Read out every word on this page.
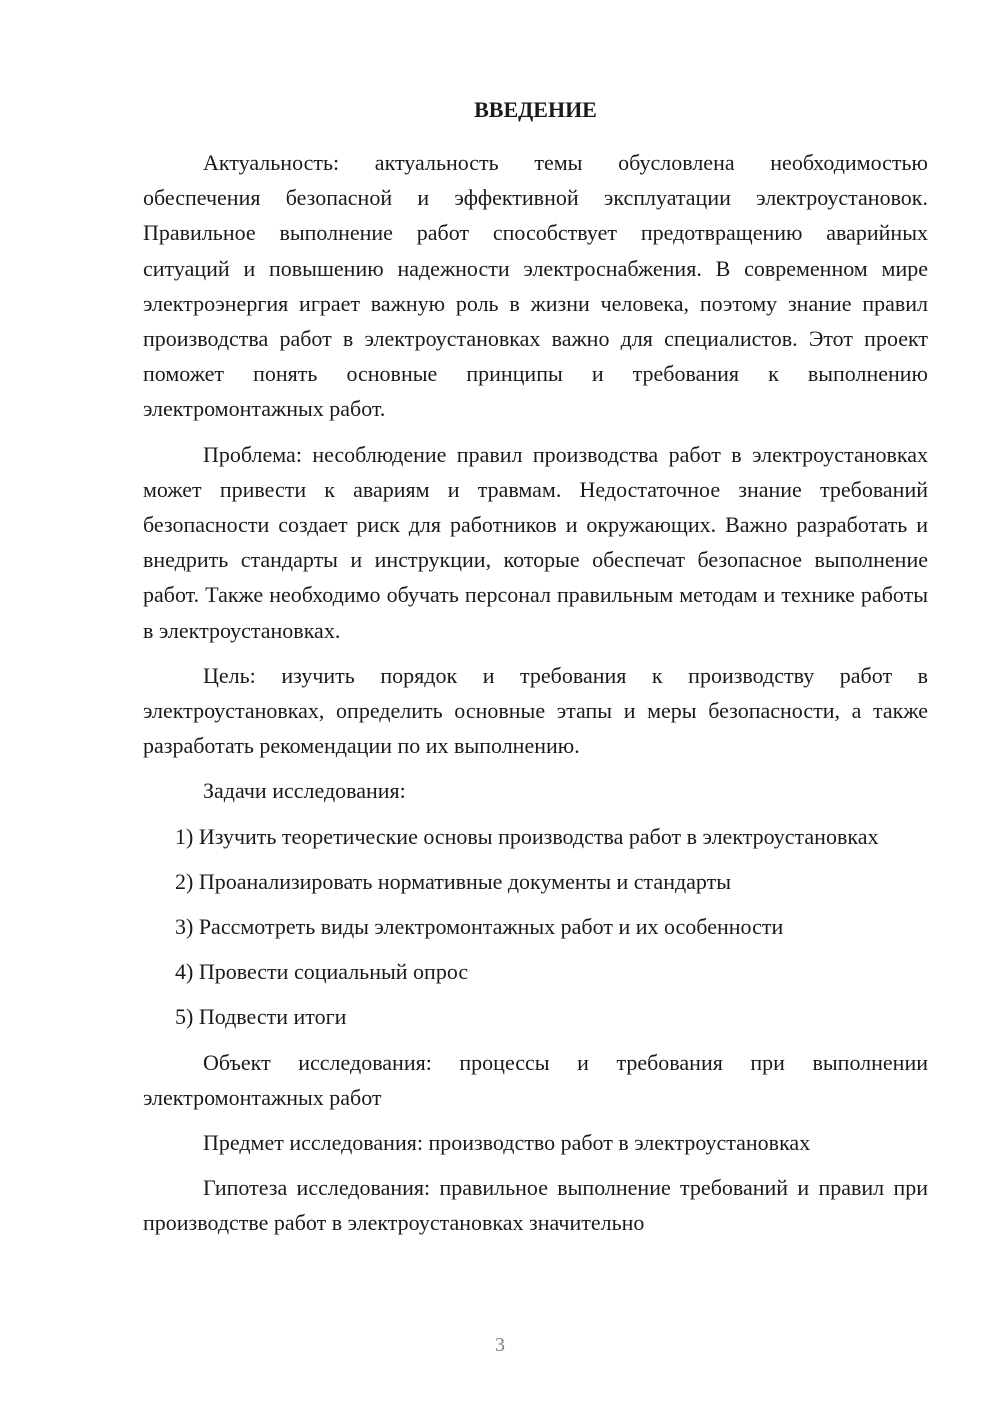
ВВЕДЕНИЕ

Актуальность: актуальность темы обусловлена необходимостью обеспечения безопасной и эффективной эксплуатации электроустановок. Правильное выполнение работ способствует предотвращению аварийных ситуаций и повышению надежности электроснабжения. В современном мире электроэнергия играет важную роль в жизни человека, поэтому знание правил производства работ в электроустановках важно для специалистов. Этот проект поможет понять основные принципы и требования к выполнению электромонтажных работ.

Проблема: несоблюдение правил производства работ в электроустановках может привести к авариям и травмам. Недостаточное знание требований безопасности создает риск для работников и окружающих. Важно разработать и внедрить стандарты и инструкции, которые обеспечат безопасное выполнение работ. Также необходимо обучать персонал правильным методам и технике работы в электроустановках.

Цель: изучить порядок и требования к производству работ в электроустановках, определить основные этапы и меры безопасности, а также разработать рекомендации по их выполнению.

Задачи исследования:

1) Изучить теоретические основы производства работ в электроустановках

2) Проанализировать нормативные документы и стандарты

3) Рассмотреть виды электромонтажных работ и их особенности

4) Провести социальный опрос

5) Подвести итоги

Объект исследования: процессы и требования при выполнении электромонтажных работ

Предмет исследования: производство работ в электроустановках

Гипотеза исследования: правильное выполнение требований и правил при производстве работ в электроустановках значительно

3
